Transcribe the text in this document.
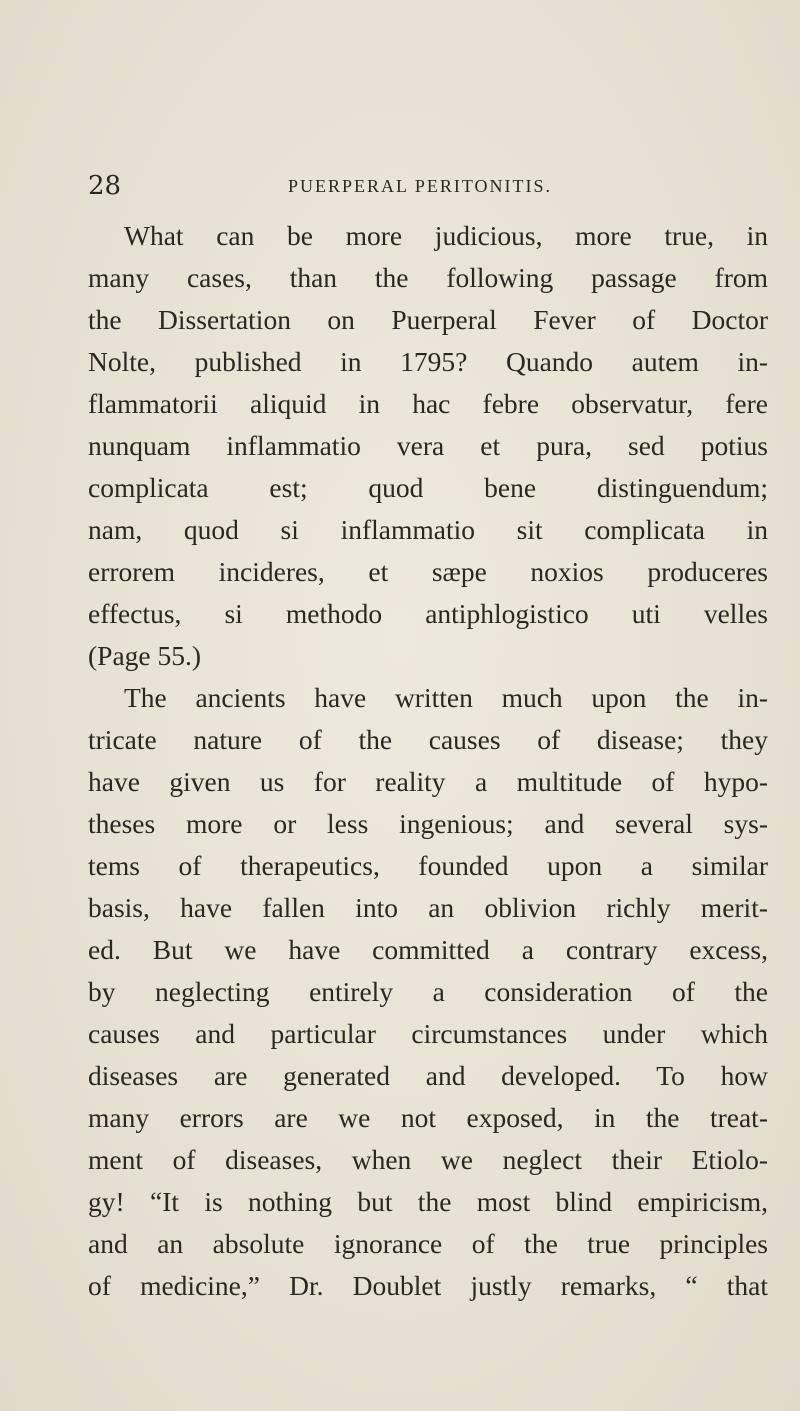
28	PUERPERAL PERITONITIS.
What can be more judicious, more true, in
many cases, than the following passage from
the Dissertation on Puerperal Fever of Doctor
Nolte, published in 1795? Quando autem in-
flammatorii aliquid in hac febre observatur, fere
nunquam inflammatio vera et pura, sed potius
complicata est; quod bene distinguendum;
nam, quod si inflammatio sit complicata in
errorem incideres, et sæpe noxios produceres
effectus, si methodo antiphlogistico uti velles
(Page 55.)
The ancients have written much upon the in-
tricate nature of the causes of disease; they
have given us for reality a multitude of hypo-
theses more or less ingenious; and several sys-
tems of therapeutics, founded upon a similar
basis, have fallen into an oblivion richly merit-
ed. But we have committed a contrary excess,
by neglecting entirely a consideration of the
causes and particular circumstances under which
diseases are generated and developed. To how
many errors are we not exposed, in the treat-
ment of diseases, when we neglect their Etiolo-
gy! “It is nothing but the most blind empiricism,
and an absolute ignorance of the true principles
of medicine,” Dr. Doublet justly remarks, “ that
